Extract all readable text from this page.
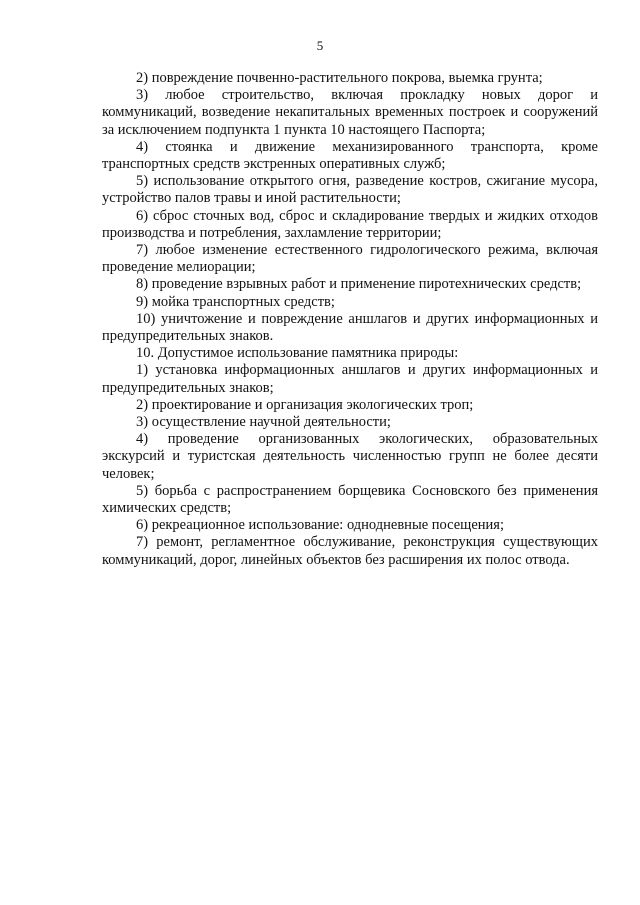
5

2) повреждение почвенно-растительного покрова, выемка грунта;

3) любое строительство, включая прокладку новых дорог и коммуникаций, возведение некапитальных временных построек и сооружений за исключением подпункта 1 пункта 10 настоящего Паспорта;

4) стоянка и движение механизированного транспорта, кроме транспортных средств экстренных оперативных служб;

5) использование открытого огня, разведение костров, сжигание мусора, устройство палов травы и иной растительности;

6) сброс сточных вод, сброс и складирование твердых и жидких отходов производства и потребления, захламление территории;

7) любое изменение естественного гидрологического режима, включая проведение мелиорации;

8) проведение взрывных работ и применение пиротехнических средств;

9) мойка транспортных средств;

10) уничтожение и повреждение аншлагов и других информационных и предупредительных знаков.

10. Допустимое использование памятника природы:

1) установка информационных аншлагов и других информационных и предупредительных знаков;

2) проектирование и организация экологических троп;

3) осуществление научной деятельности;

4) проведение организованных экологических, образовательных экскурсий и туристская деятельность численностью групп не более десяти человек;

5) борьба с распространением борщевика Сосновского без применения химических средств;

6) рекреационное использование: однодневные посещения;

7) ремонт, регламентное обслуживание, реконструкция существующих коммуникаций, дорог, линейных объектов без расширения их полос отвода.
